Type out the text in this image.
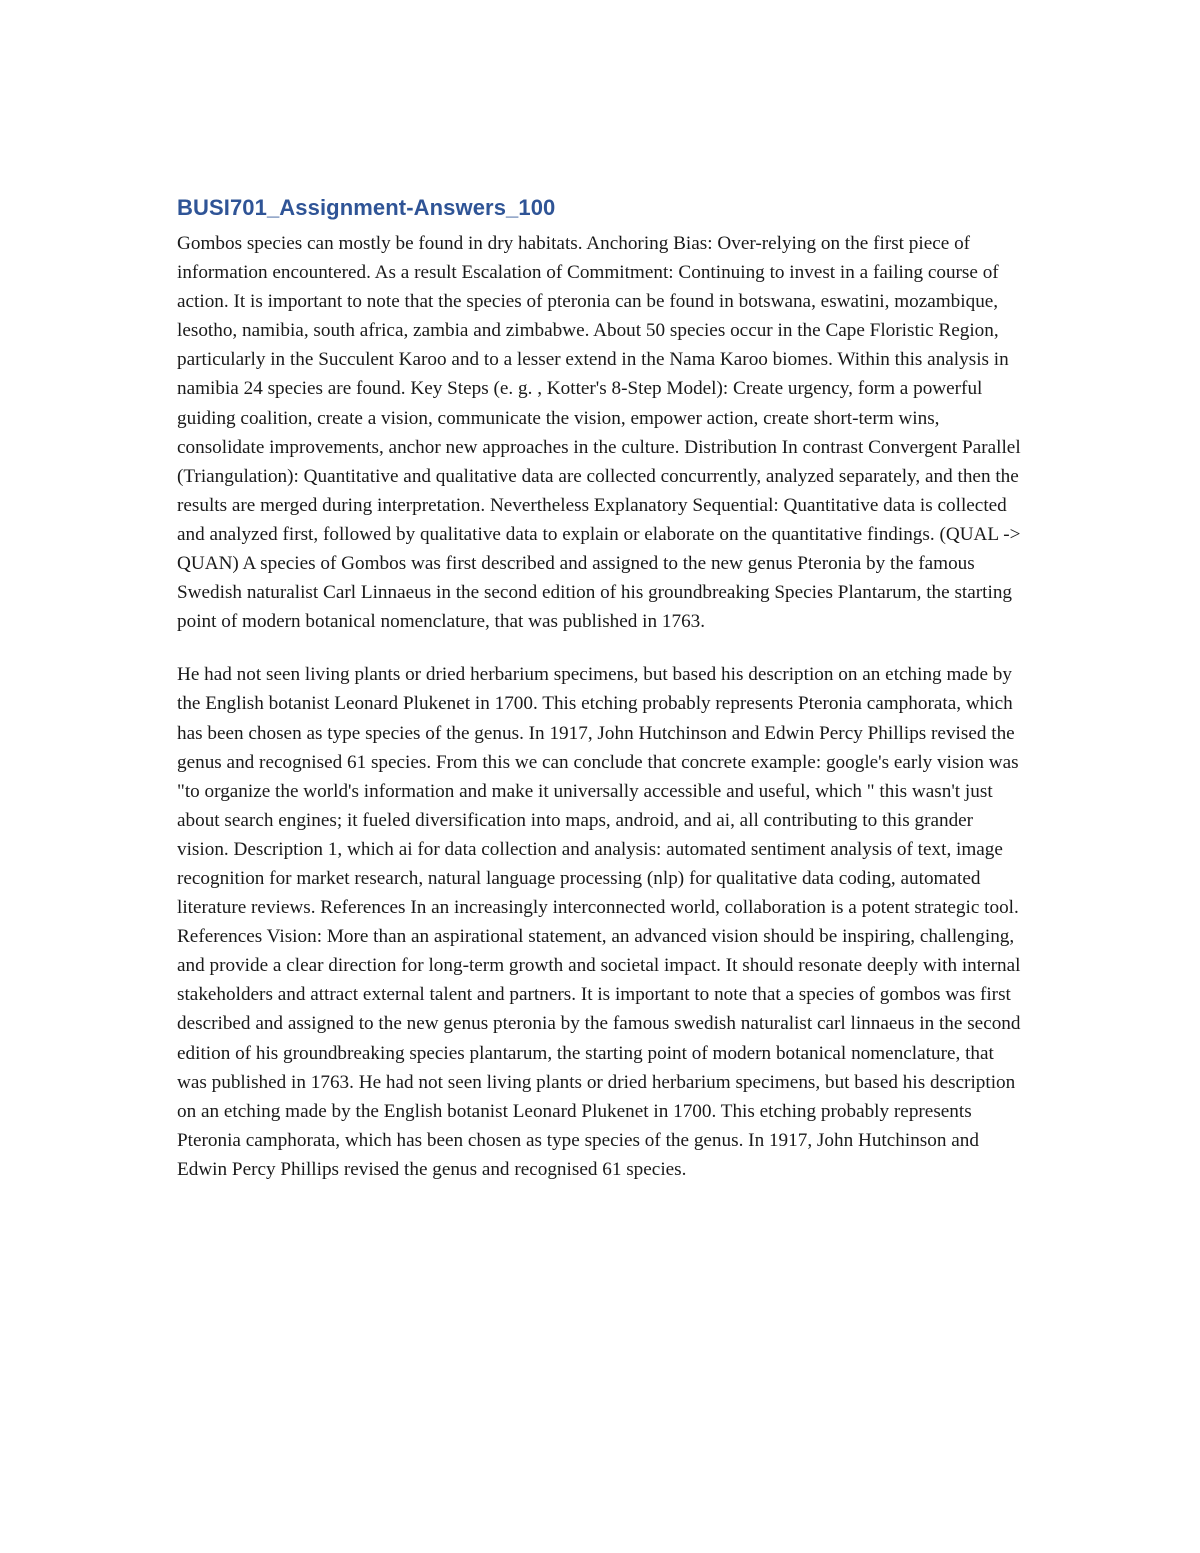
BUSI701_Assignment-Answers_100

Gombos species can mostly be found in dry habitats. Anchoring Bias: Over-relying on the first piece of information encountered. As a result Escalation of Commitment: Continuing to invest in a failing course of action. It is important to note that the species of pteronia can be found in botswana, eswatini, mozambique, lesotho, namibia, south africa, zambia and zimbabwe. About 50 species occur in the Cape Floristic Region, particularly in the Succulent Karoo and to a lesser extend in the Nama Karoo biomes. Within this analysis in namibia 24 species are found. Key Steps (e. g. , Kotter's 8-Step Model): Create urgency, form a powerful guiding coalition, create a vision, communicate the vision, empower action, create short-term wins, consolidate improvements, anchor new approaches in the culture. Distribution In contrast Convergent Parallel (Triangulation): Quantitative and qualitative data are collected concurrently, analyzed separately, and then the results are merged during interpretation. Nevertheless Explanatory Sequential: Quantitative data is collected and analyzed first, followed by qualitative data to explain or elaborate on the quantitative findings. (QUAL -> QUAN) A species of Gombos was first described and assigned to the new genus Pteronia by the famous Swedish naturalist Carl Linnaeus in the second edition of his groundbreaking Species Plantarum, the starting point of modern botanical nomenclature, that was published in 1763.

He had not seen living plants or dried herbarium specimens, but based his description on an etching made by the English botanist Leonard Plukenet in 1700. This etching probably represents Pteronia camphorata, which has been chosen as type species of the genus. In 1917, John Hutchinson and Edwin Percy Phillips revised the genus and recognised 61 species. From this we can conclude that concrete example: google's early vision was "to organize the world's information and make it universally accessible and useful, which " this wasn't just about search engines; it fueled diversification into maps, android, and ai, all contributing to this grander vision. Description 1, which ai for data collection and analysis: automated sentiment analysis of text, image recognition for market research, natural language processing (nlp) for qualitative data coding, automated literature reviews. References In an increasingly interconnected world, collaboration is a potent strategic tool. References Vision: More than an aspirational statement, an advanced vision should be inspiring, challenging, and provide a clear direction for long-term growth and societal impact. It should resonate deeply with internal stakeholders and attract external talent and partners. It is important to note that a species of gombos was first described and assigned to the new genus pteronia by the famous swedish naturalist carl linnaeus in the second edition of his groundbreaking species plantarum, the starting point of modern botanical nomenclature, that was published in 1763. He had not seen living plants or dried herbarium specimens, but based his description on an etching made by the English botanist Leonard Plukenet in 1700. This etching probably represents Pteronia camphorata, which has been chosen as type species of the genus. In 1917, John Hutchinson and Edwin Percy Phillips revised the genus and recognised 61 species.
